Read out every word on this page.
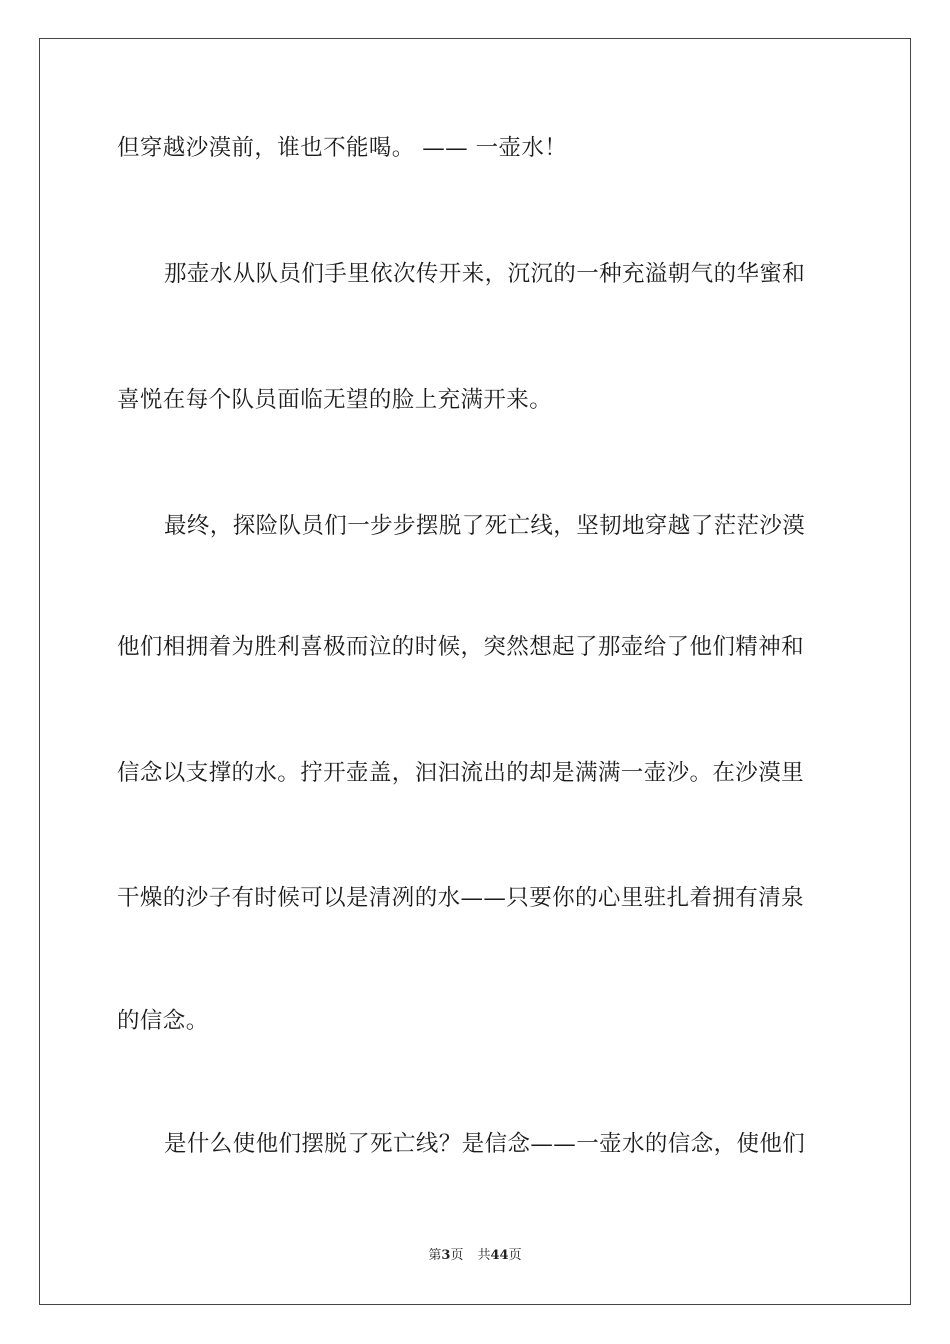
但穿越沙漠前，谁也不能喝。 —— 一壶水！
那壶水从队员们手里依次传开来，沉沉的一种充溢朝气的华蜜和
喜悦在每个队员面临无望的脸上充满开来。
最终，探险队员们一步步摆脱了死亡线，坚韧地穿越了茫茫沙漠
他们相拥着为胜利喜极而泣的时候，突然想起了那壶给了他们精神和
信念以支撑的水。拧开壶盖，汩汩流出的却是满满一壶沙。在沙漠里
干燥的沙子有时候可以是清冽的水——只要你的心里驻扎着拥有清泉
的信念。
是什么使他们摆脱了死亡线？是信念——一壶水的信念，使他们
第3页 共44页
